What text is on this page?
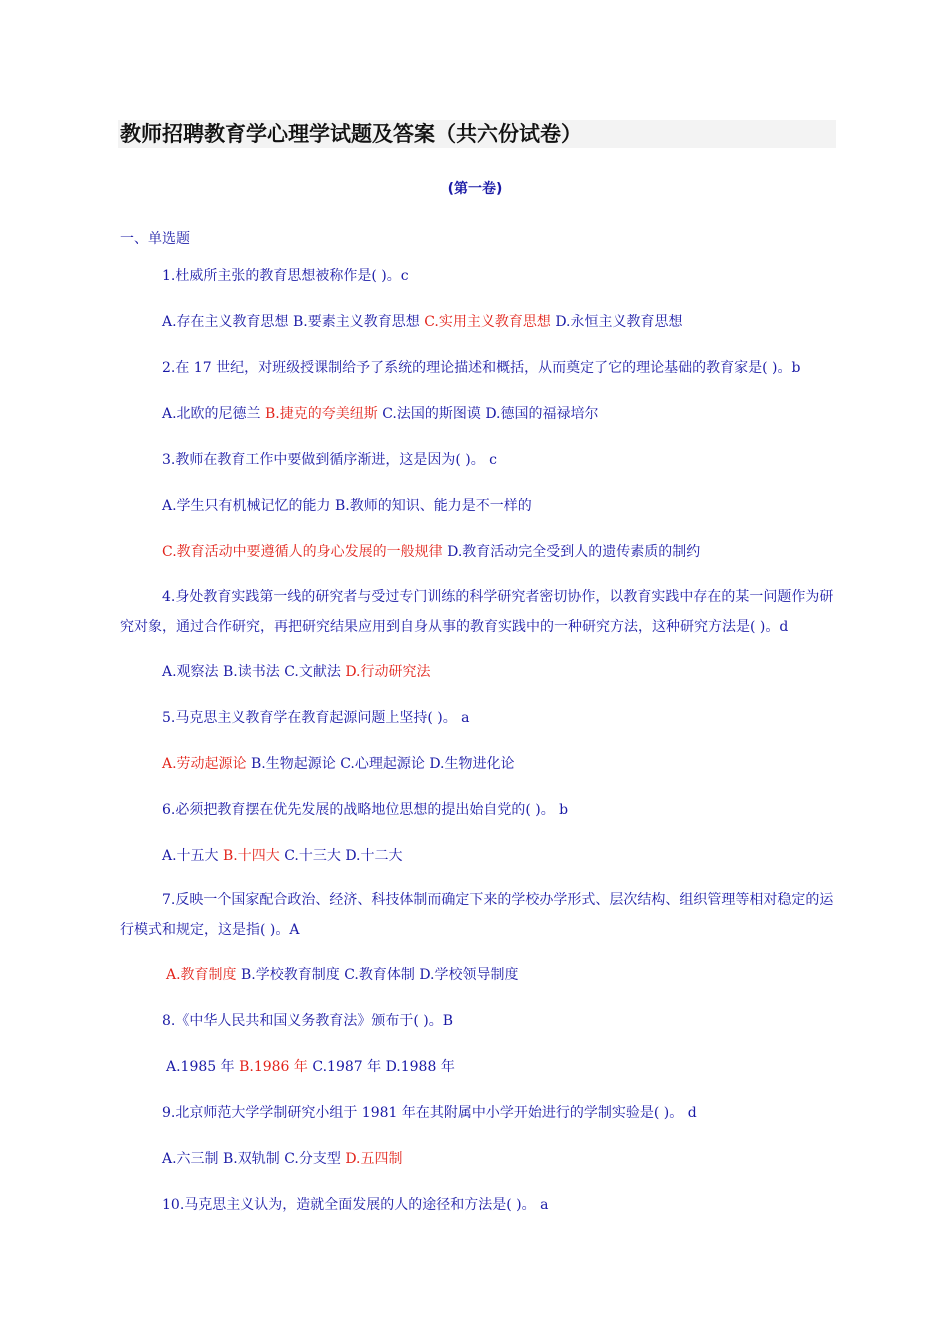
教师招聘教育学心理学试题及答案（共六份试卷）
(第一卷)
一、单选题
1.杜威所主张的教育思想被称作是( )。c
A.存在主义教育思想 B.要素主义教育思想 C.实用主义教育思想 D.永恒主义教育思想
2.在 17 世纪，对班级授课制给予了系统的理论描述和概括，从而奠定了它的理论基础的教育家是( )。b
A.北欧的尼德兰 B.捷克的夸美纽斯 C.法国的斯图谟 D.德国的福禄培尔
3.教师在教育工作中要做到循序渐进，这是因为( )。 c
A.学生只有机械记忆的能力 B.教师的知识、能力是不一样的
C.教育活动中要遵循人的身心发展的一般规律 D.教育活动完全受到人的遗传素质的制约
4.身处教育实践第一线的研究者与受过专门训练的科学研究者密切协作，以教育实践中存在的某一问题作为研究对象，通过合作研究，再把研究结果应用到自身从事的教育实践中的一种研究方法，这种研究方法是( )。d
A.观察法 B.读书法 C.文献法 D.行动研究法
5.马克思主义教育学在教育起源问题上坚持( )。 a
A.劳动起源论 B.生物起源论 C.心理起源论 D.生物进化论
6.必须把教育摆在优先发展的战略地位思想的提出始自党的( )。 b
A.十五大 B.十四大 C.十三大 D.十二大
7.反映一个国家配合政治、经济、科技体制而确定下来的学校办学形式、层次结构、组织管理等相对稳定的运行模式和规定，这是指( )。A
A.教育制度 B.学校教育制度 C.教育体制 D.学校领导制度
8.《中华人民共和国义务教育法》颁布于( )。B
A.1985 年 B.1986 年 C.1987 年 D.1988 年
9.北京师范大学学制研究小组于 1981 年在其附属中小学开始进行的学制实验是( )。 d
A.六三制 B.双轨制 C.分支型 D.五四制
10.马克思主义认为，造就全面发展的人的途径和方法是( )。 a
